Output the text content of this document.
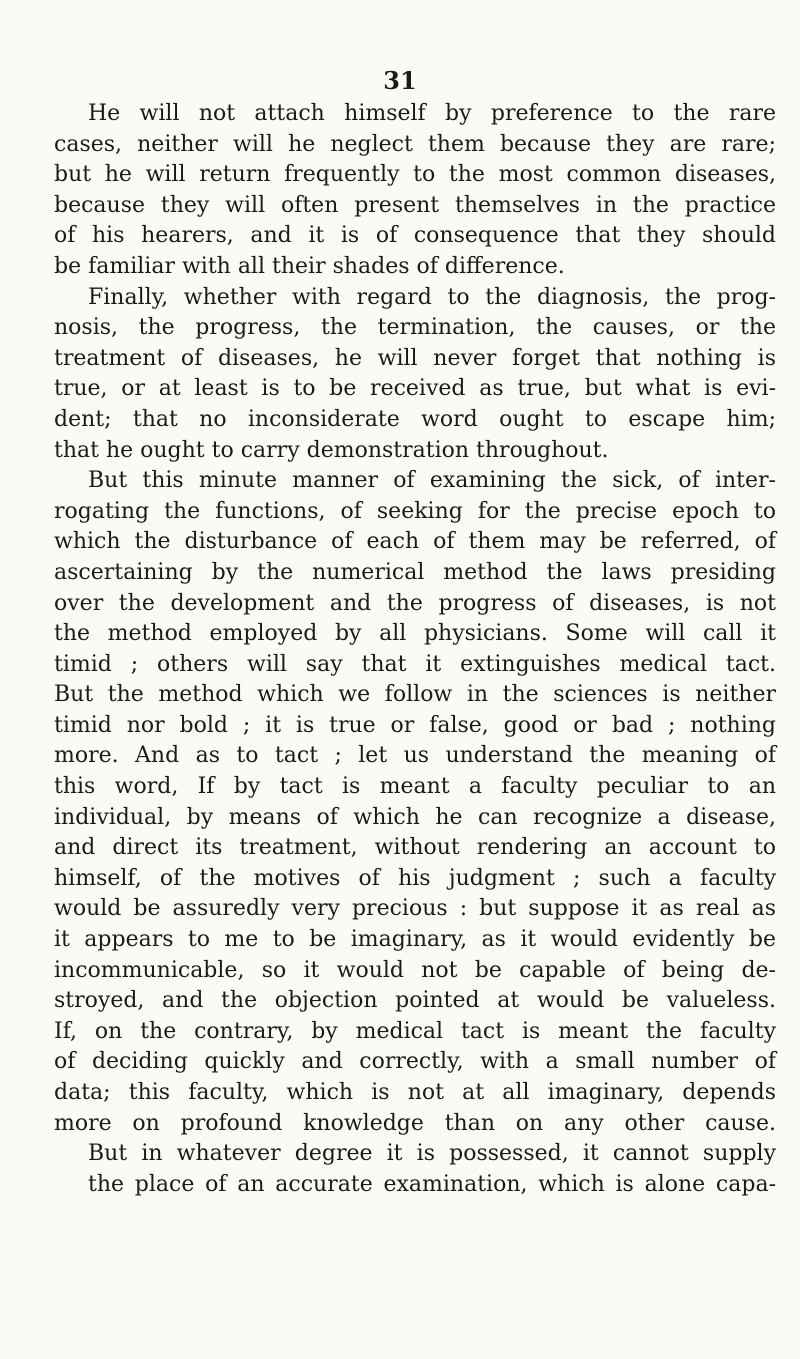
31
He will not attach himself by preference to the rare
cases, neither will he neglect them because they are rare;
but he will return frequently to the most common diseases,
because they will often present themselves in the practice
of his hearers, and it is of consequence that they should
be familiar with all their shades of difference.
Finally, whether with regard to the diagnosis, the prog-
nosis, the progress, the termination, the causes, or the
treatment of diseases, he will never forget that nothing is
true, or at least is to be received as true, but what is evi-
dent; that no inconsiderate word ought to escape him;
that he ought to carry demonstration throughout.
But this minute manner of examining the sick, of inter-
rogating the functions, of seeking for the precise epoch to
which the disturbance of each of them may be referred, of
ascertaining by the numerical method the laws presiding
over the development and the progress of diseases, is not
the method employed by all physicians. Some will call it
timid ; others will say that it extinguishes medical tact.
But the method which we follow in the sciences is neither
timid nor bold ; it is true or false, good or bad ; nothing
more. And as to tact ; let us understand the meaning of
this word, If by tact is meant a faculty peculiar to an
individual, by means of which he can recognize a disease,
and direct its treatment, without rendering an account to
himself, of the motives of his judgment ; such a faculty
would be assuredly very precious : but suppose it as real as
it appears to me to be imaginary, as it would evidently be
incommunicable, so it would not be capable of being de-
stroyed, and the objection pointed at would be valueless.
If, on the contrary, by medical tact is meant the faculty
of deciding quickly and correctly, with a small number of
data; this faculty, which is not at all imaginary, depends
more on profound knowledge than on any other cause.
But in whatever degree it is possessed, it cannot supply
the place of an accurate examination, which is alone capa-
